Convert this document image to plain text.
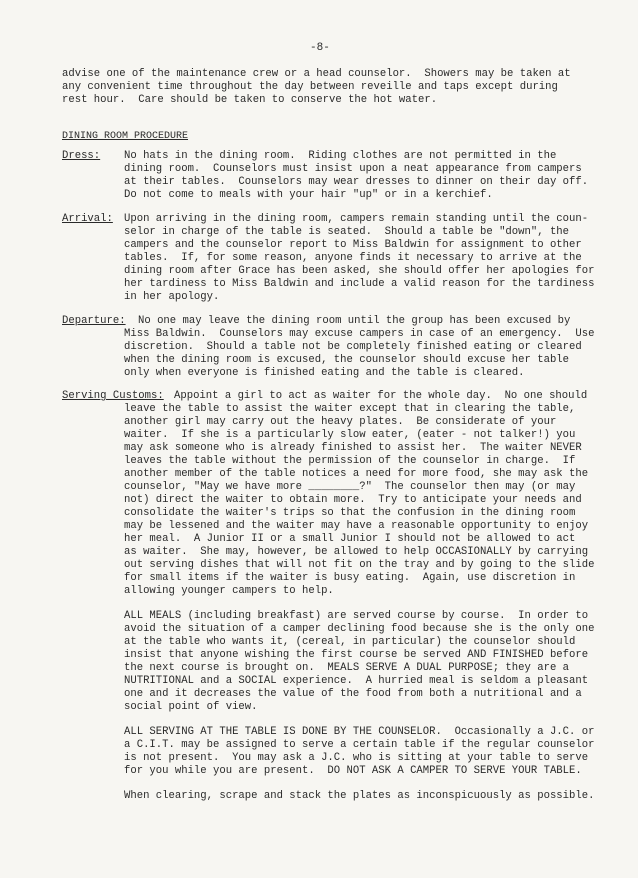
-8-
advise one of the maintenance crew or a head counselor.  Showers may be taken at
any convenient time throughout the day between reveille and taps except during
rest hour.  Care should be taken to conserve the hot water.
DINING ROOM PROCEDURE
Dress: No hats in the dining room.  Riding clothes are not permitted in the
dining room.  Counselors must insist upon a neat appearance from campers
at their tables.  Counselors may wear dresses to dinner on their day off.
Do not come to meals with your hair "up" or in a kerchief.
Arrival: Upon arriving in the dining room, campers remain standing until the coun-
selor in charge of the table is seated.  Should a table be "down", the
campers and the counselor report to Miss Baldwin for assignment to other
tables.  If, for some reason, anyone finds it necessary to arrive at the
dining room after Grace has been asked, she should offer her apologies for
her tardiness to Miss Baldwin and include a valid reason for the tardiness
in her apology.
Departure: No one may leave the dining room until the group has been excused by
Miss Baldwin.  Counselors may excuse campers in case of an emergency.  Use
discretion.  Should a table not be completely finished eating or cleared
when the dining room is excused, the counselor should excuse her table
only when everyone is finished eating and the table is cleared.
Serving Customs: Appoint a girl to act as waiter for the whole day.  No one should
leave the table to assist the waiter except that in clearing the table,
another girl may carry out the heavy plates.  Be considerate of your
waiter.  If she is a particularly slow eater, (eater - not talker!) you
may ask someone who is already finished to assist her.  The waiter NEVER
leaves the table without the permission of the counselor in charge.  If
another member of the table notices a need for more food, she may ask the
counselor, "May we have more ________?"  The counselor then may (or may
not) direct the waiter to obtain more.  Try to anticipate your needs and
consolidate the waiter's trips so that the confusion in the dining room
may be lessened and the waiter may have a reasonable opportunity to enjoy
her meal.  A Junior II or a small Junior I should not be allowed to act
as waiter.  She may, however, be allowed to help OCCASIONALLY by carrying
out serving dishes that will not fit on the tray and by going to the slide
for small items if the waiter is busy eating.  Again, use discretion in
allowing younger campers to help.
ALL MEALS (including breakfast) are served course by course.  In order to
avoid the situation of a camper declining food because she is the only one
at the table who wants it, (cereal, in particular) the counselor should
insist that anyone wishing the first course be served AND FINISHED before
the next course is brought on.  MEALS SERVE A DUAL PURPOSE; they are a
NUTRITIONAL and a SOCIAL experience.  A hurried meal is seldom a pleasant
one and it decreases the value of the food from both a nutritional and a
social point of view.
ALL SERVING AT THE TABLE IS DONE BY THE COUNSELOR.  Occasionally a J.C. or
a C.I.T. may be assigned to serve a certain table if the regular counselor
is not present.  You may ask a J.C. who is sitting at your table to serve
for you while you are present.  DO NOT ASK A CAMPER TO SERVE YOUR TABLE.
When clearing, scrape and stack the plates as inconspicuously as possible.
